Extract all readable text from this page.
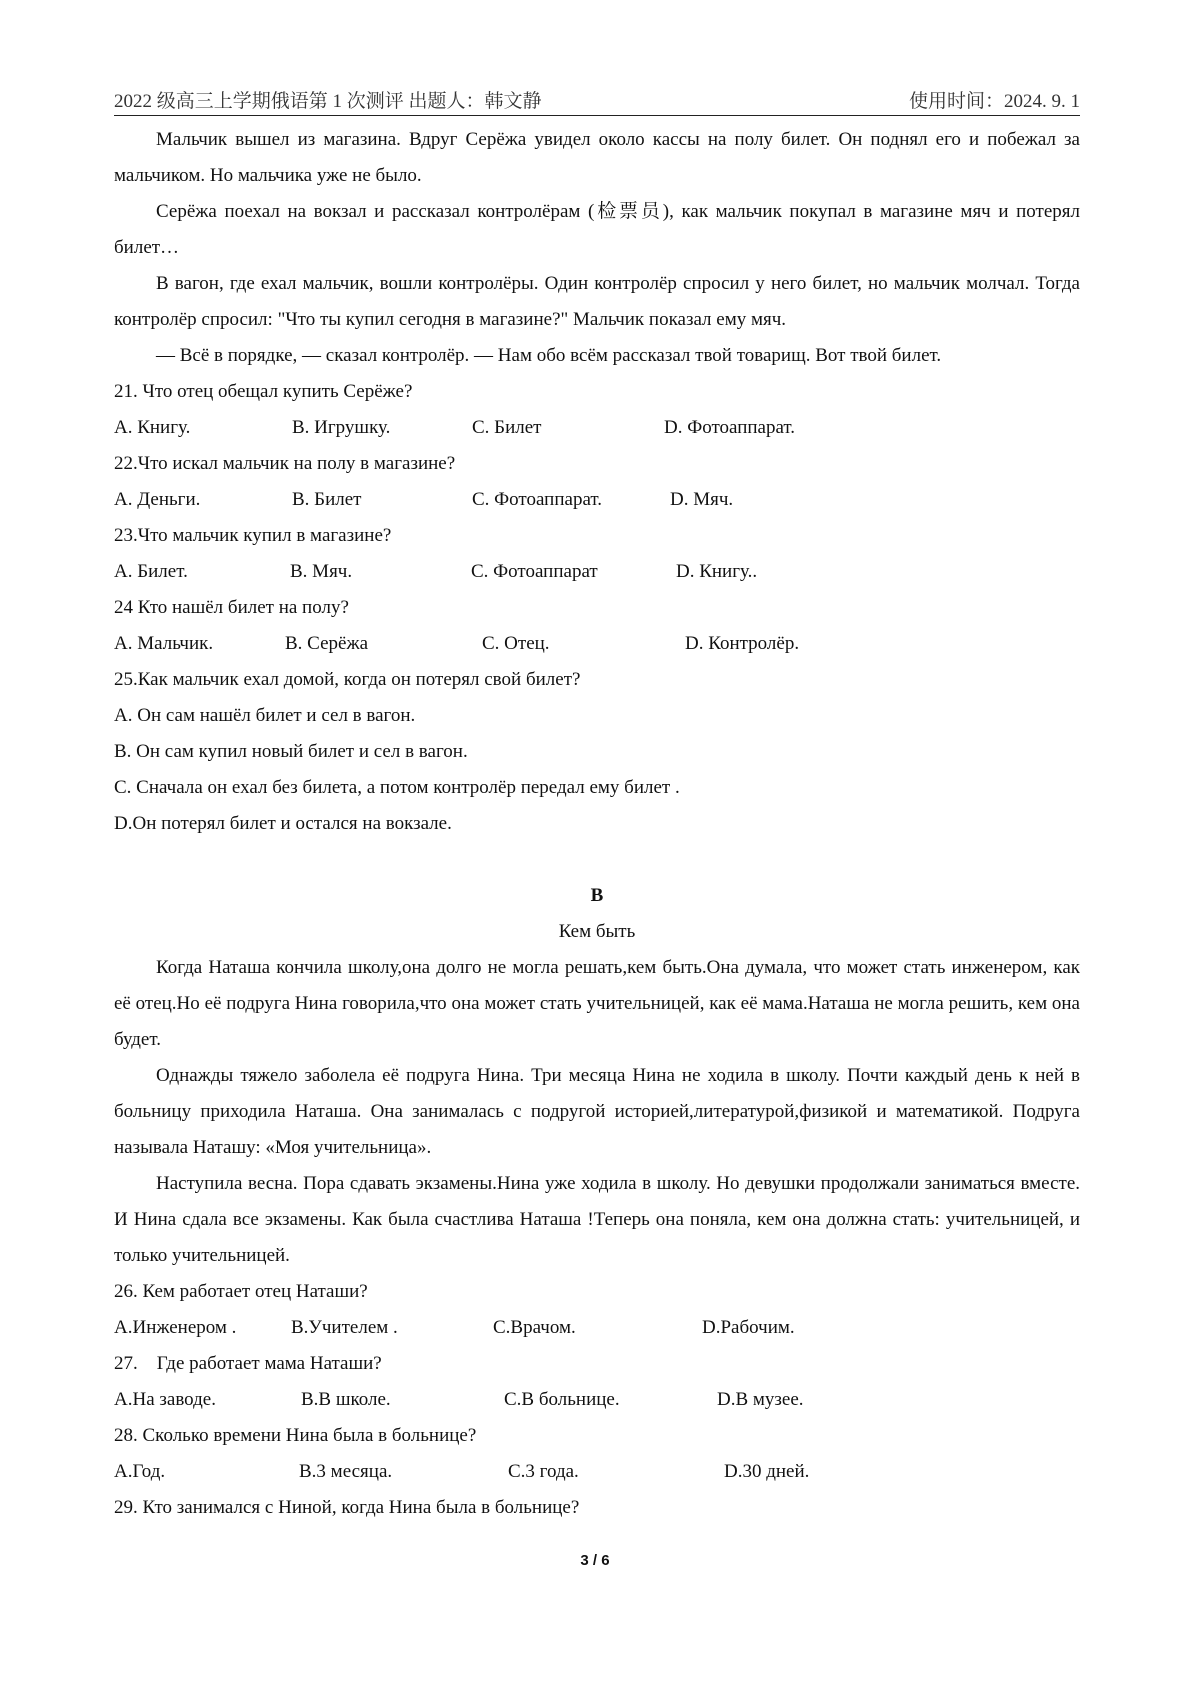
2022 级高三上学期俄语第 1 次测评 出题人：韩文静	使用时间：2024. 9. 1

Мальчик вышел из магазина. Вдруг Серёжа увидел около кассы на полу билет. Он поднял его и побежал за мальчиком. Но мальчика уже не было.

Серёжа поехал на вокзал и рассказал контролёрам (检票员), как мальчик покупал в магазине мяч и потерял билет…

В вагон, где ехал мальчик, вошли контролёры. Один контролёр спросил у него билет, но мальчик молчал. Тогда контролёр спросил: "Что ты купил сегодня в магазине?" Мальчик показал ему мяч.

— Всё в порядке, — сказал контролёр. — Нам обо всём рассказал твой товарищ. Вот твой билет.

21. Что отец обещал купить Серёже?

A. Книгу.	B. Игрушку.	C. Билет	D. Фотоаппарат.

22.Что искал мальчик на полу в магазине?

A. Деньги.	B. Билет	C. Фотоаппарат.	D. Мяч.

23.Что мальчик купил в магазине?

A. Билет.	B. Мяч.	C. Фотоаппарат	D. Книгу..

24 Кто нашёл билет на полу?

A. Мальчик.	B. Серёжа	C. Отец.	D. Контролёр.

25.Как мальчик ехал домой, когда он потерял свой билет?

A. Он сам нашёл билет и сел в вагон.

B. Он сам купил новый билет и сел в вагон.

C. Сначала он ехал без билета, а потом контролёр передал ему билет .

D.Он потерял билет и остался на вокзале.

B

Кем быть

Когда Наташа кончила школу,она долго не могла решать,кем быть.Она думала, что может стать инженером, как её отец.Но её подруга Нина говорила,что она может стать учительницей, как её мама.Наташа не могла решить, кем она будет.

Однажды тяжело заболела её подруга Нина. Три месяца Нина не ходила в школу. Почти каждый день к ней в больницу приходила Наташа. Она занималась с подругой историей,литературой,физикой и математикой. Подруга называла Наташу: «Моя учительница».

Наступила весна. Пора сдавать экзамены.Нина уже ходила в школу. Но девушки продолжали заниматься вместе. И Нина сдала все экзамены. Как была счастлива Наташа !Теперь она поняла, кем она должна стать: учительницей, и только учительницей.

26. Кем работает отец Наташи?

A.Инженером .	B.Учителем .	C.Врачом.	D.Рабочим.

27.    Где работает мама Наташи?

A.На заводе.	B.В школе.	C.В больнице.	D.В музее.

28. Сколько времени Нина была в больнице?

A.Год.	B.3 месяца.	C.3 года.	D.30 дней.

29. Кто занимался с Ниной, когда Нина была в больнице?

3 / 6
